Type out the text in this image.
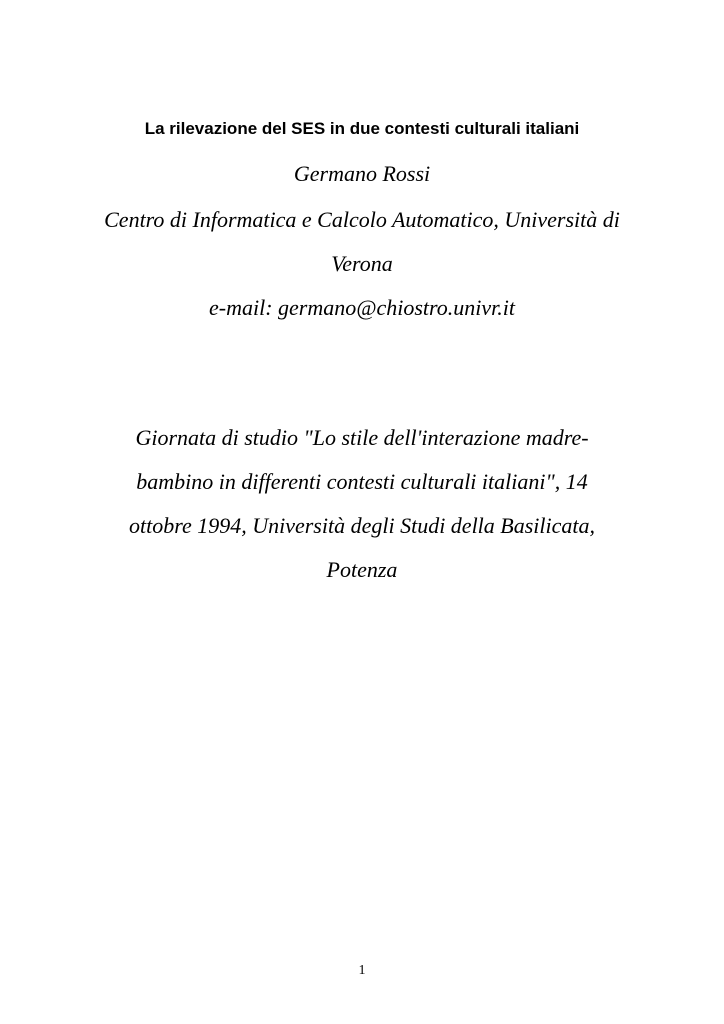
La rilevazione del SES in due contesti culturali italiani
Germano Rossi
Centro di Informatica e Calcolo Automatico, Università di
Verona
e-mail: germano@chiostro.univr.it
Giornata di studio "Lo stile dell'interazione madre-
bambino in differenti contesti culturali italiani", 14
ottobre 1994, Università degli Studi della Basilicata,
Potenza
1
